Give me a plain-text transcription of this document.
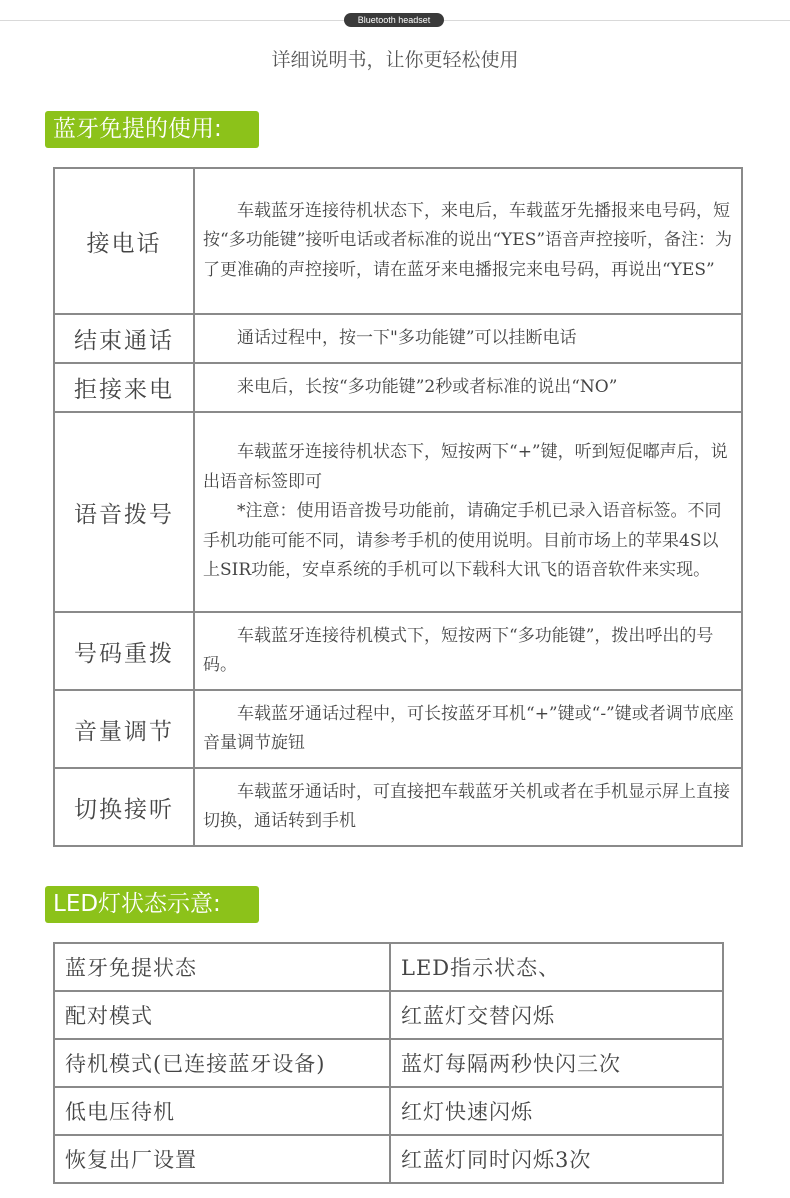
Bluetooth headset
详细说明书，让你更轻松使用
蓝牙免提的使用:
接电话	车载蓝牙连接待机状态下，来电后，车载蓝牙先播报来电号码，短按“多功能键”接听电话或者标准的说出“YES”语音声控接听，备注：为了更准确的声控接听，请在蓝牙来电播报完来电号码，再说出“YES”

结束通话	通话过程中，按一下"多功能键”可以挂断电话

拒接来电	来电后，长按“多功能键”2秒或者标准的说出“NO”

语音拨号	车载蓝牙连接待机状态下，短按两下“+”键，听到短促嘟声后，说出语音标签即可
*注意：使用语音拨号功能前，请确定手机已录入语音标签。不同手机功能可能不同，请参考手机的使用说明。目前市场上的苹果4S以上SIR功能，安卓系统的手机可以下载科大讯飞的语音软件来实现。

号码重拨	车载蓝牙连接待机模式下，短按两下“多功能键”，拨出呼出的号码。

音量调节	车载蓝牙通话过程中，可长按蓝牙耳机“+”键或“-”键或者调节底座音量调节旋钮

切换接听	车载蓝牙通话时，可直接把车载蓝牙关机或者在手机显示屏上直接切换，通话转到手机
LED灯状态示意:
蓝牙免提状态	LED指示状态、
配对模式	红蓝灯交替闪烁
待机模式(已连接蓝牙设备)	蓝灯每隔两秒快闪三次
低电压待机	红灯快速闪烁
恢复出厂设置	红蓝灯同时闪烁3次
